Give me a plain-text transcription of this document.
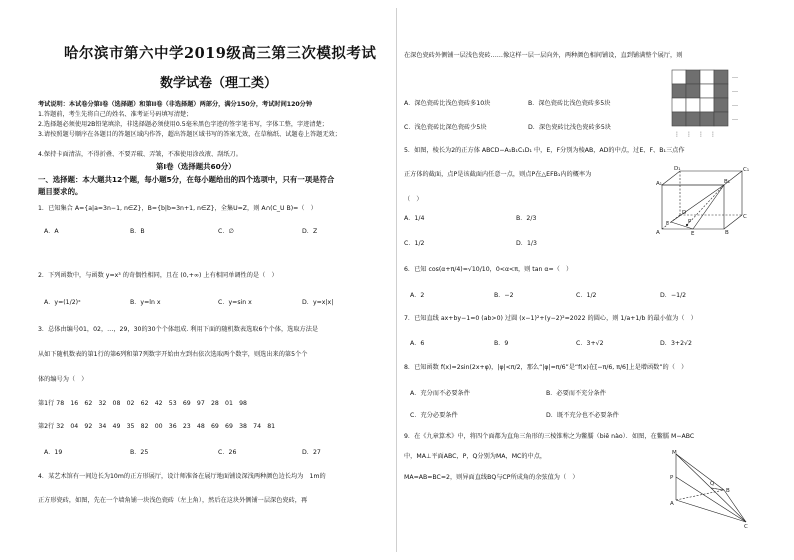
哈尔滨市第六中学2019级高三第三次模拟考试
数学试卷（理工类）
考试说明：本试卷分第I卷（选择题）和第II卷（非选择题）两部分，满分150分，考试时间120分钟
1.答题前，考生先将自己的姓名、准考证号码填写清楚；
2.选择题必须使用2B铅笔填涂，非选择题必须使用0.5毫米黑色字迹的签字笔书写，字体工整，字迹清楚；
3.请按照题号顺序在各题目的答题区域内作答，超出答题区域书写的答案无效，在草稿纸、试题卷上答题无效；
4.保持卡面清洁，不得折叠、不要弄破、弄皱，不准使用涂改液、刮纸刀。
第I卷（选择题共60分）
一、选择题：本大题共12个题，每小题5分，在每小题给出的四个选项中，只有一项是符合
题目要求的。
1．已知集合 A={a|a=3n−1, n∈Z}，B={b|b=3n+1, n∈Z}，全集U=Z，则 A∩(C_U B)=（　）
A．A	B．B	C．∅	D．Z
2．下列函数中，与函数 y=x³ 的奇偶性相同，且在 (0,+∞) 上有相同单调性的是（　）
A．y=(1/2)ˣ	B．y=ln x	C．y=sin x	D．y=x|x|
3．总体由编号01，02，…，29，30的30个个体组成. 利用下面的随机数表选取6个个体，选取方法是
从如下随机数表的第1行的第6列和第7列数字开始由左到右依次选取两个数字，则选出来的第5个个
体的编号为（　）
第1行 78　16　62　32　08　02　62　42　53　69　97　28　01　98
第2行 32　04　92　34　49　35　82　00　36　23　48　69　69　38　74　81
A．19	B．25	C．26	D．27
4．某艺术馆有一间边长为10m的正方形展厅，设计师准备在展厅地面铺设深浅两种颜色边长均为　1m的
正方形瓷砖，如图，先在一个墙角铺一块浅色瓷砖（左上角），然后在这块外侧铺一层深色瓷砖，再
在深色瓷砖外侧铺一层浅色瓷砖……像这样一层一层向外，两种颜色相间铺设，直到铺满整个展厅，则
…
…
…
…
⋮　⋮　⋮　⋮
A．深色瓷砖比浅色瓷砖多10块	B．深色瓷砖比浅色瓷砖多5块
C．浅色瓷砖比深色瓷砖少5块	D．深色瓷砖比浅色瓷砖多5块
5．如图，棱长为2的正方体 ABCD−A₁B₁C₁D₁ 中，E，F分别为棱AB，AD的中点，过E、F、B₁三点作
正方体的截面，点P是该截面内任意一点，则点P在△EFB₁内的概率为
（　）
A₁	B₁
C₁
D₁
A	B
C
D
E
F	P
A．1/4	B．2/3
C．1/2	D．1/3
6．已知 cos(α+π/4)=√10/10，0<α<π，则 tan α=（　）
A．2	B．−2	C．1/2	D．−1/2
7．已知直线 ax+by−1=0 (ab>0) 过圆 (x−1)²+(y−2)²=2022 的圆心，则 1/a+1/b 的最小值为（　）
A．6	B．9	C．3+√2	D．3+2√2
8．已知函数 f(x)=2sin(2x+φ)，|φ|<π/2，那么“|φ|=π/6”是“f(x)在[−π/6, π/6]上是增函数”的（　）
A．充分而不必要条件	B．必要而不充分条件
C．充分必要条件	D．既不充分也不必要条件
9．在《九章算术》中，将四个面都为直角三角形的三棱锥称之为鳖臑（biē nào）．如图，在鳖臑 M−ABC
中，MA⊥平面ABC，P，Q分别为MA，MC的中点，
MA=AB=BC=2，则异面直线BQ与CP所成角的余弦值为（　）
M
A
B
C
P
Q
